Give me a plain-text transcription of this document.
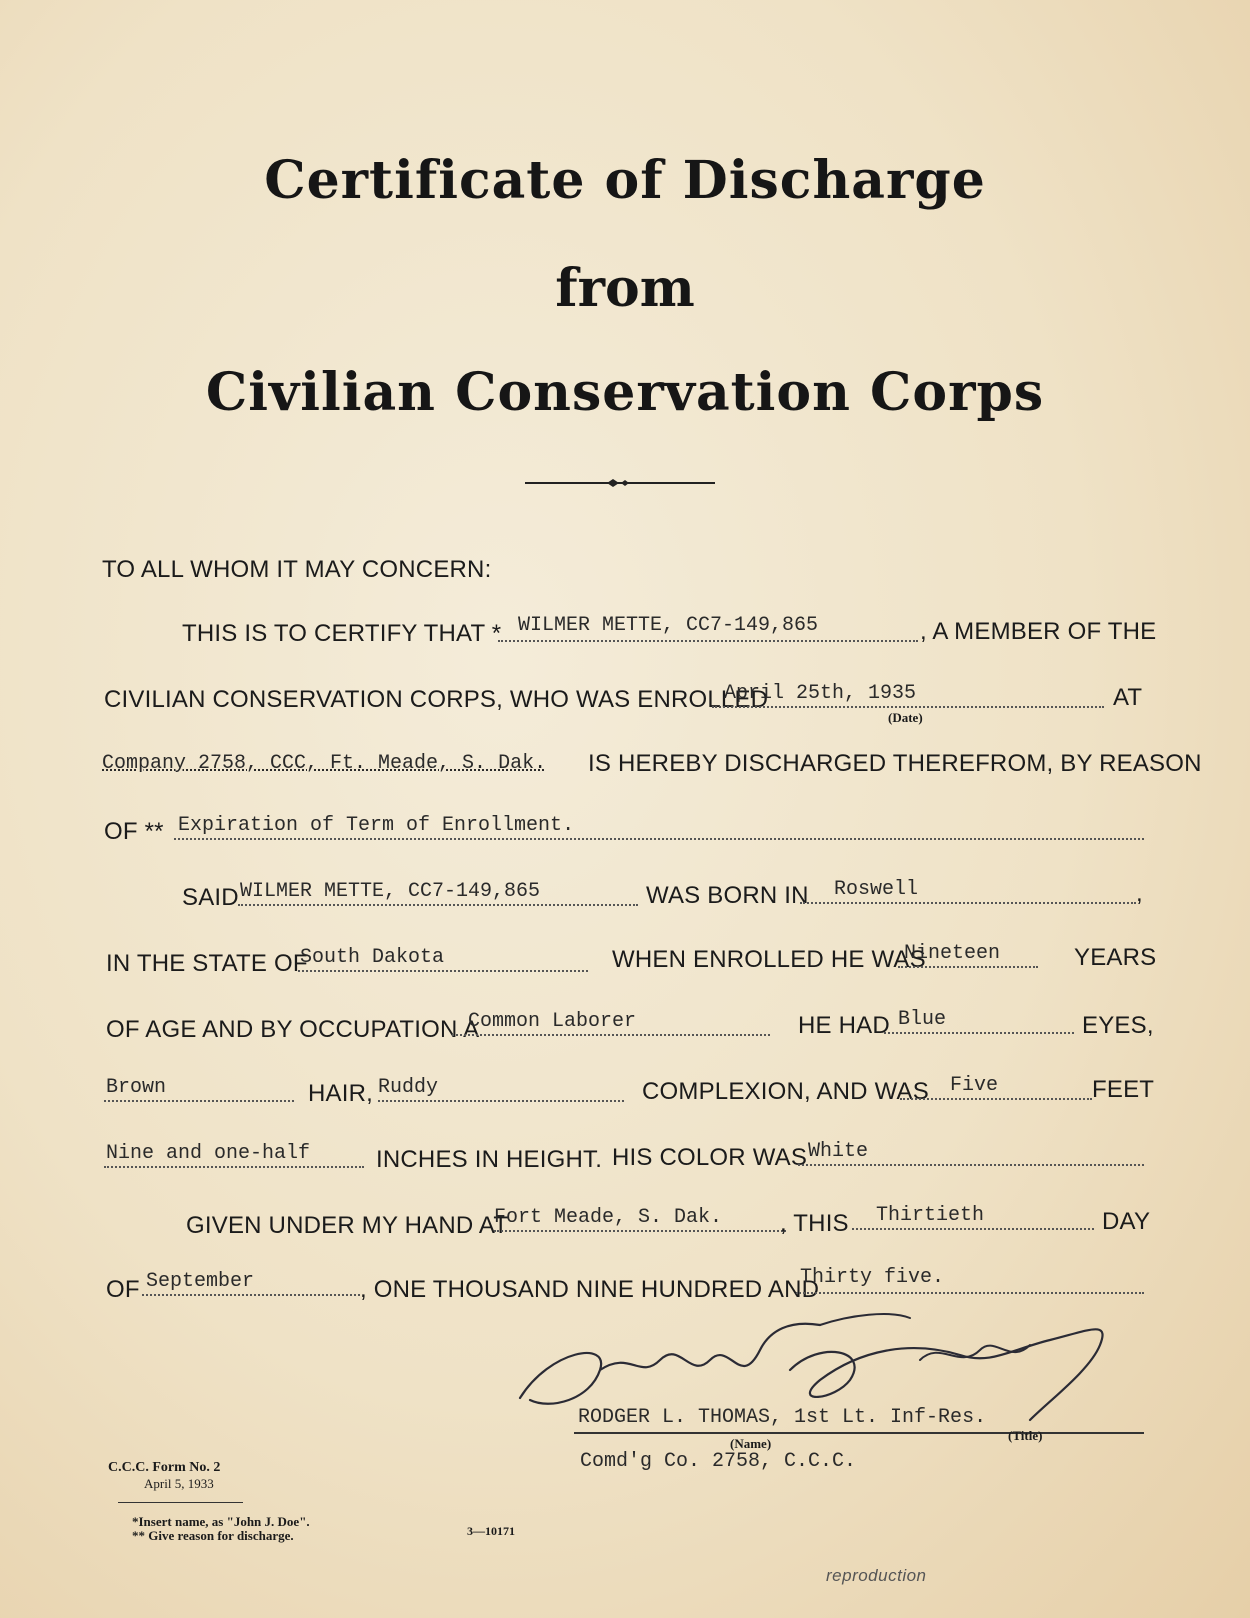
Certificate of Discharge
from
Civilian Conservation Corps
TO ALL WHOM IT MAY CONCERN:
THIS IS TO CERTIFY THAT * WILMER METTE, CC7-149,865	, A MEMBER OF THE
CIVILIAN CONSERVATION CORPS, WHO WAS ENROLLED
April 25th, 1935
(Date)
AT
Company 2758, CCC, Ft. Meade, S. Dak. IS HEREBY DISCHARGED THEREFROM, BY REASON
OF ** Expiration of Term of Enrollment.
SAID WILMER METTE, CC7-149,865	WAS BORN IN Roswell	,
IN THE STATE OF
South Dakota	WHEN ENROLLED HE WAS
Nineteen	YEARS
OF AGE AND BY OCCUPATION A
Common Laborer	HE HAD Blue	EYES,
Brown	HAIR, Ruddy	COMPLEXION, AND WAS Five	FEET
Nine and one-half	INCHES IN HEIGHT. HIS COLOR WAS White
GIVEN UNDER MY HAND AT
Fort Meade, S. Dak. , THIS Thirtieth	DAY
OF September	, ONE THOUSAND NINE HUNDRED AND
Thirty five.
RODGER L. THOMAS, 1st Lt. Inf-Res.
(Name)
(Title)
Comd'g Co. 2758, C.C.C.
C.C.C. Form No. 2
April 5, 1933
*Insert name, as "John J. Doe".
** Give reason for discharge.	3—10171
reproduction
